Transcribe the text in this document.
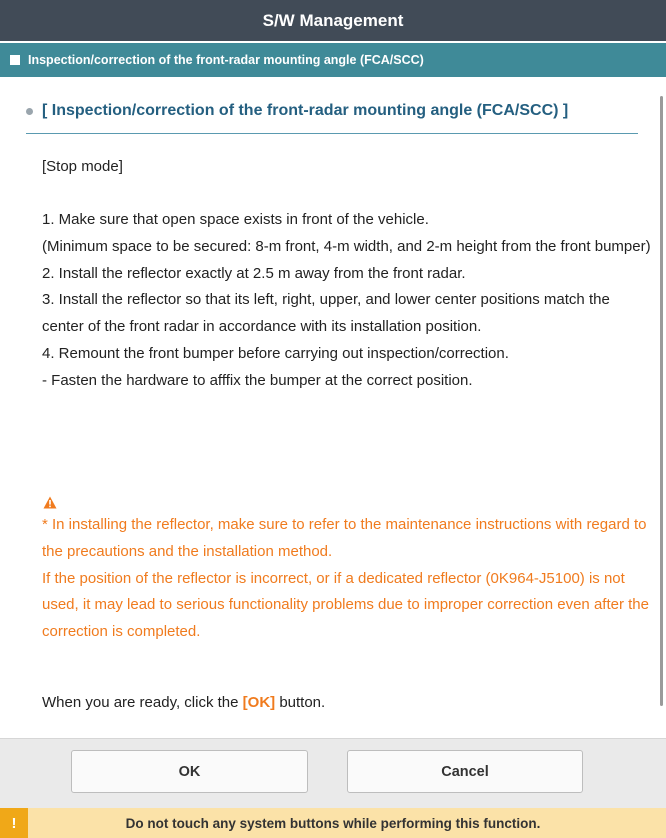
S/W Management
Inspection/correction of the front-radar mounting angle (FCA/SCC)
[ Inspection/correction of the front-radar mounting angle (FCA/SCC) ]

[Stop mode]

1. Make sure that open space exists in front of the vehicle.

(Minimum space to be secured: 8-m front, 4-m width, and 2-m height from the front bumper)

2. Install the reflector exactly at 2.5 m away from the front radar.

3. Install the reflector so that its left, right, upper, and lower center positions match the center of the front radar in accordance with its installation position.

4. Remount the front bumper before carrying out inspection/correction.

- Fasten the hardware to afffix the bumper at the correct position.

* In installing the reflector, make sure to refer to the maintenance instructions with regard to the precautions and the installation method.

If the position of the reflector is incorrect, or if a dedicated reflector (0K964-J5100) is not used, it may lead to serious functionality problems due to improper correction even after the correction is completed.

When you are ready, click the [OK] button.
OK	Cancel
!	Do not touch any system buttons while performing this function.
